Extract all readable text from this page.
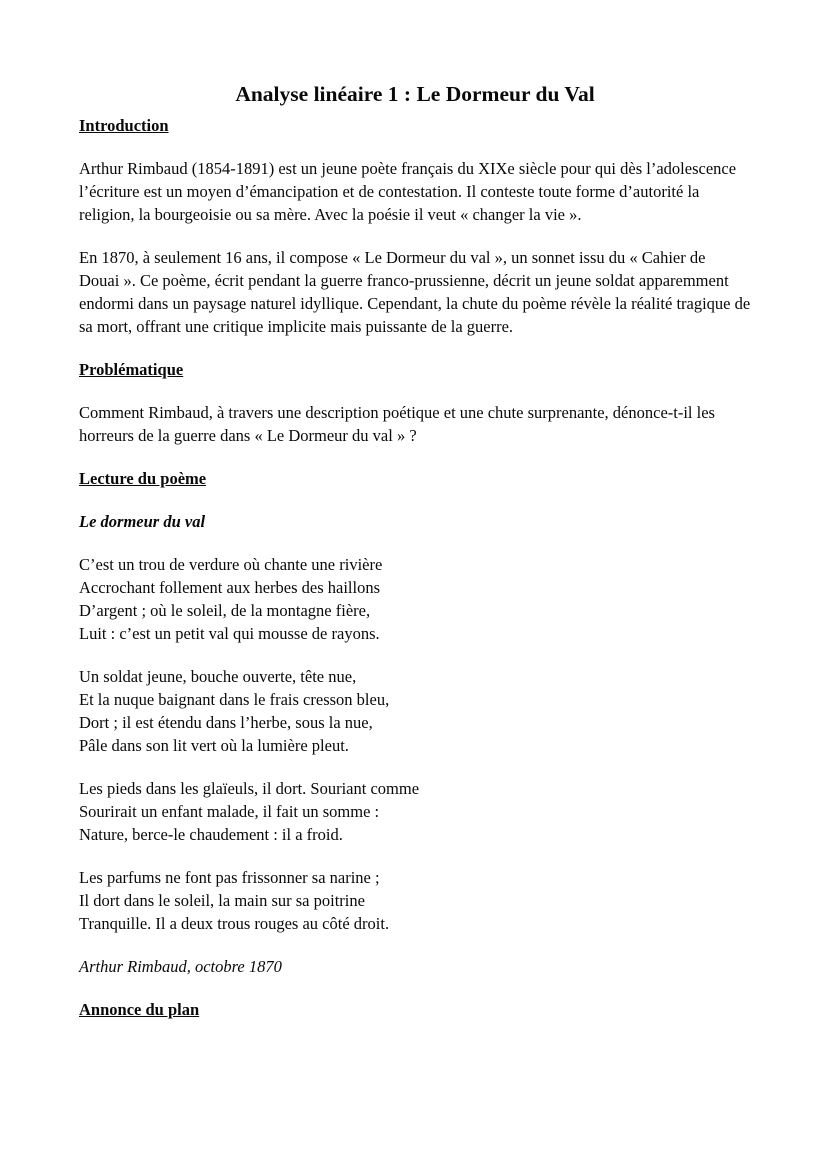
Analyse linéaire 1 : Le Dormeur du Val
Introduction
Arthur Rimbaud (1854-1891) est un jeune poète français du XIXe siècle pour qui dès l’adolescence l’écriture est un moyen d’émancipation et de contestation. Il conteste toute forme d’autorité la religion, la bourgeoisie ou sa mère. Avec la poésie il veut « changer la vie ».
En 1870, à seulement 16 ans, il compose « Le Dormeur du val », un sonnet issu du « Cahier de Douai ». Ce poème, écrit pendant la guerre franco-prussienne, décrit un jeune soldat apparemment endormi dans un paysage naturel idyllique. Cependant, la chute du poème révèle la réalité tragique de sa mort, offrant une critique implicite mais puissante de la guerre.
Problématique
Comment Rimbaud, à travers une description poétique et une chute surprenante, dénonce-t-il les horreurs de la guerre dans « Le Dormeur du val » ?
Lecture du poème
Le dormeur du val
C’est un trou de verdure où chante une rivière
Accrochant follement aux herbes des haillons
D’argent ; où le soleil, de la montagne fière,
Luit : c’est un petit val qui mousse de rayons.
Un soldat jeune, bouche ouverte, tête nue,
Et la nuque baignant dans le frais cresson bleu,
Dort ; il est étendu dans l’herbe, sous la nue,
Pâle dans son lit vert où la lumière pleut.
Les pieds dans les glaïeuls, il dort. Souriant comme
Sourirait un enfant malade, il fait un somme :
Nature, berce-le chaudement : il a froid.
Les parfums ne font pas frissonner sa narine ;
Il dort dans le soleil, la main sur sa poitrine
Tranquille. Il a deux trous rouges au côté droit.
Arthur Rimbaud, octobre 1870
Annonce du plan
